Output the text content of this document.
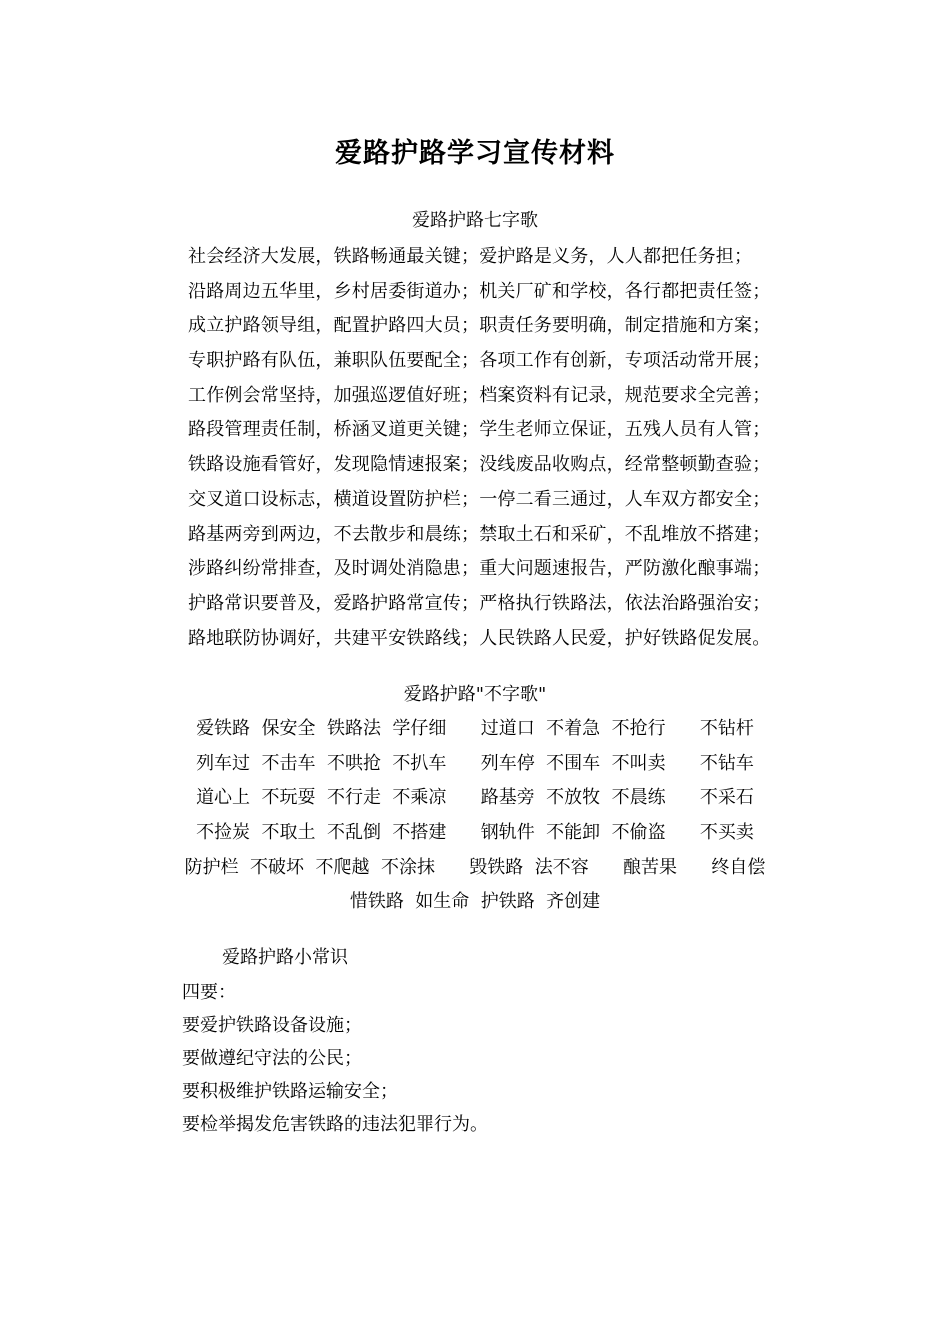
爱路护路学习宣传材料

爱路护路七字歌

社会经济大发展，铁路畅通最关键；爱护路是义务，人人都把任务担；
沿路周边五华里，乡村居委街道办；机关厂矿和学校，各行都把责任签；
成立护路领导组，配置护路四大员；职责任务要明确，制定措施和方案；
专职护路有队伍，兼职队伍要配全；各项工作有创新，专项活动常开展；
工作例会常坚持，加强巡逻值好班；档案资料有记录，规范要求全完善；
路段管理责任制，桥涵叉道更关键；学生老师立保证，五残人员有人管；
铁路设施看管好，发现隐情速报案；没线废品收购点，经常整顿勤查验；
交叉道口设标志，横道设置防护栏；一停二看三通过，人车双方都安全；
路基两旁到两边，不去散步和晨练；禁取土石和采矿，不乱堆放不搭建；
涉路纠纷常排查，及时调处消隐患；重大问题速报告，严防激化酿事端；
护路常识要普及，爱路护路常宣传；严格执行铁路法，依法治路强治安；
路地联防协调好，共建平安铁路线；人民铁路人民爱，护好铁路促发展。

爱路护路"不字歌"

爱铁路  保安全  铁路法  学仔细      过道口  不着急  不抢行      不钻杆
列车过  不击车  不哄抢  不扒车      列车停  不围车  不叫卖      不钻车
道心上  不玩耍  不行走  不乘凉      路基旁  不放牧  不晨练      不采石
不捡炭  不取土  不乱倒  不搭建      钢轨件  不能卸  不偷盗      不买卖
防护栏  不破坏  不爬越  不涂抹      毁铁路  法不容      酿苦果      终自偿
惜铁路  如生命  护铁路  齐创建

爱路护路小常识

四要：
要爱护铁路设备设施；
要做遵纪守法的公民；
要积极维护铁路运输安全；
要检举揭发危害铁路的违法犯罪行为。
